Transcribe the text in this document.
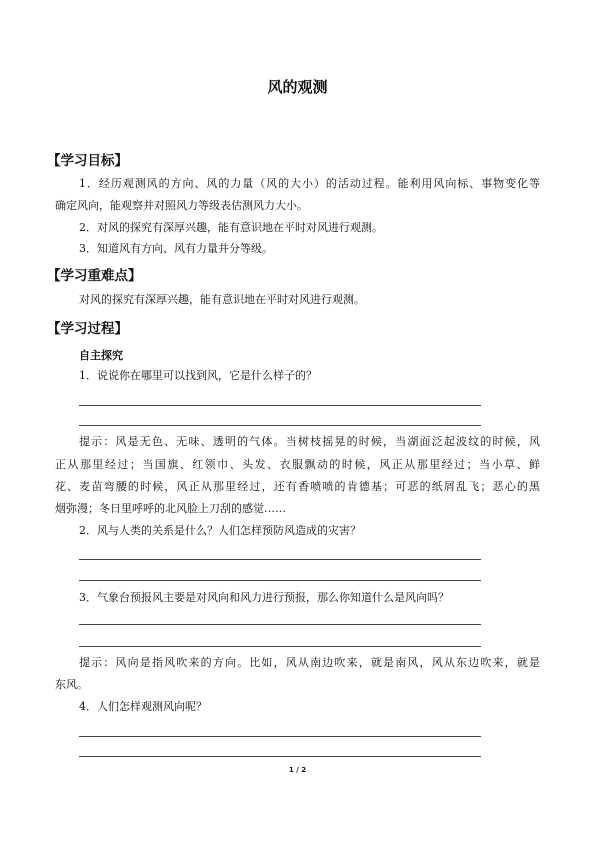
风的观测
【学习目标】
1．经历观测风的方向、风的力量（风的大小）的活动过程。能利用风向标、事物变化等
确定风向，能观察并对照风力等级表估测风力大小。
2．对风的探究有深厚兴趣，能有意识地在平时对风进行观测。
3．知道风有方向、风有力量并分等级。
【学习重难点】
对风的探究有深厚兴趣，能有意识地在平时对风进行观测。
【学习过程】
自主探究
1．说说你在哪里可以找到风，它是什么样子的？
提示：风是无色、无味、透明的气体。当树枝摇晃的时候，当湖面泛起波纹的时候，风
正从那里经过；当国旗、红领巾、头发、衣服飘动的时候，风正从那里经过；当小草、鲜
花、麦苗弯腰的时候，风正从那里经过，还有香喷喷的肯德基；可恶的纸屑乱飞；恶心的黑
烟弥漫；冬日里呼呼的北风脸上刀刮的感觉……
2．风与人类的关系是什么？人们怎样预防风造成的灾害？
3．气象台预报风主要是对风向和风力进行预报，那么你知道什么是风向吗？
提示：风向是指风吹来的方向。比如，风从南边吹来，就是南风，风从东边吹来，就是
东风。
4．人们怎样观测风向呢？
1 / 2
